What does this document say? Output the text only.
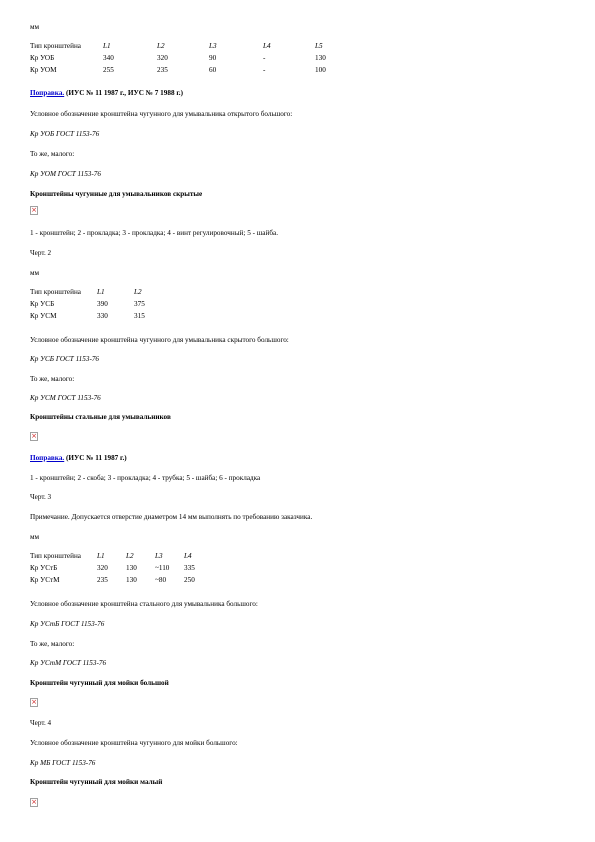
мм
Тип кронштейна	L1	L2	L3	L4	L5
Кр УОБ	340	320	90	-	130
Кр УОМ	255	235	60	-	100
Поправка. (ИУС № 11 1987 г., ИУС № 7 1988 г.)
Условное обозначение кронштейна чугунного для умывальника открытого большого:
Кр УОБ ГОСТ 1153-76
То же, малого:
Кр УОМ ГОСТ 1153-76
Кронштейны чугунные для умывальников скрытые
×
1 - кронштейн; 2 - прокладка; 3 - прокладка; 4 - винт регулировочный; 5 - шайба.
Черт. 2
мм
Тип кронштейна	L1	L2
Кр УСБ	390	375
Кр УСМ	330	315
Условное обозначение кронштейна чугунного для умывальника скрытого большого:
Кр УСБ ГОСТ 1153-76
То же, малого:
Кр УСМ ГОСТ 1153-76
Кронштейны стальные для умывальников
×
Поправка. (ИУС № 11 1987 г.)
1 - кронштейн; 2 - скоба; 3 - прокладка; 4 - трубка; 5 - шайба; 6 - прокладка
Черт. 3
Примечание. Допускается отверстие диаметром 14 мм выполнять по требованию заказчика.
мм
Тип кронштейна	L1	L2	L3	L4
Кр УСтБ	320	130	~110	335
Кр УСтМ	235	130	~80	250
Условное обозначение кронштейна стального для умывальника большого:
Кр УСтБ ГОСТ 1153-76
То же, малого:
Кр УСтМ ГОСТ 1153-76
Кронштейн чугунный для мойки большой
×
Черт. 4
Условное обозначение кронштейна чугунного для мойки большого:
Кр МБ ГОСТ 1153-76
Кронштейн чугунный для мойки малый
×
